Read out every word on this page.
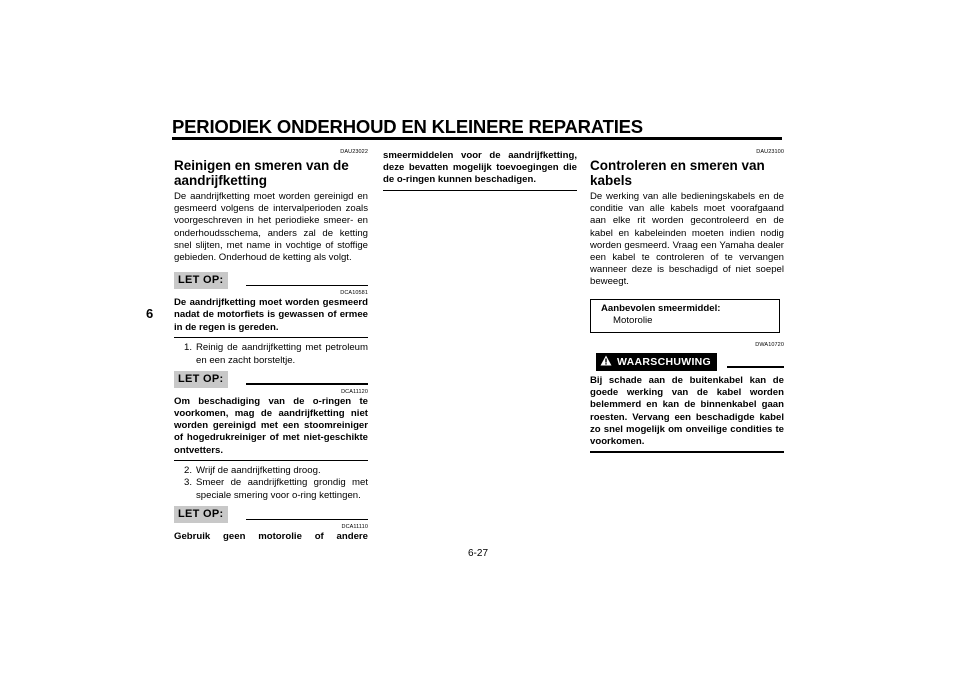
PERIODIEK ONDERHOUD EN KLEINERE REPARATIES
6
DAU23022
Reinigen en smeren van de aandrijfketting
De aandrijfketting moet worden gereinigd en gesmeerd volgens de intervalperioden zoals voorgeschreven in het periodieke smeer- en onderhoudsschema, anders zal de ketting snel slijten, met name in vochtige of stoffige gebieden. Onderhoud de ketting als volgt.
LET OP:
DCA10581
De aandrijfketting moet worden gesmeerd nadat de motorfiets is gewassen of ermee in de regen is gereden.
1. Reinig de aandrijfketting met petroleum en een zacht borsteltje.
LET OP:
DCA11120
Om beschadiging van de o-ringen te voorkomen, mag de aandrijfketting niet worden gereinigd met een stoomreiniger of hogedrukreiniger of met niet-geschikte ontvetters.
2. Wrijf de aandrijfketting droog.
3. Smeer de aandrijfketting grondig met speciale smering voor o-ring kettingen.
LET OP:
DCA11110
Gebruik geen motorolie of andere
smeermiddelen voor de aandrijfketting, deze bevatten mogelijk toevoegingen die de o-ringen kunnen beschadigen.
DAU23100
Controleren en smeren van kabels
De werking van alle bedieningskabels en de conditie van alle kabels moet voorafgaand aan elke rit worden gecontroleerd en de kabel en kabeleinden moeten indien nodig worden gesmeerd. Vraag een Yamaha dealer een kabel te controleren of te vervangen wanneer deze is beschadigd of niet soepel beweegt.
Aanbevolen smeermiddel:
Motorolie
DWA10720
WAARSCHUWING
Bij schade aan de buitenkabel kan de goede werking van de kabel worden belemmerd en kan de binnenkabel gaan roesten. Vervang een beschadigde kabel zo snel mogelijk om onveilige condities te voorkomen.
6-27
